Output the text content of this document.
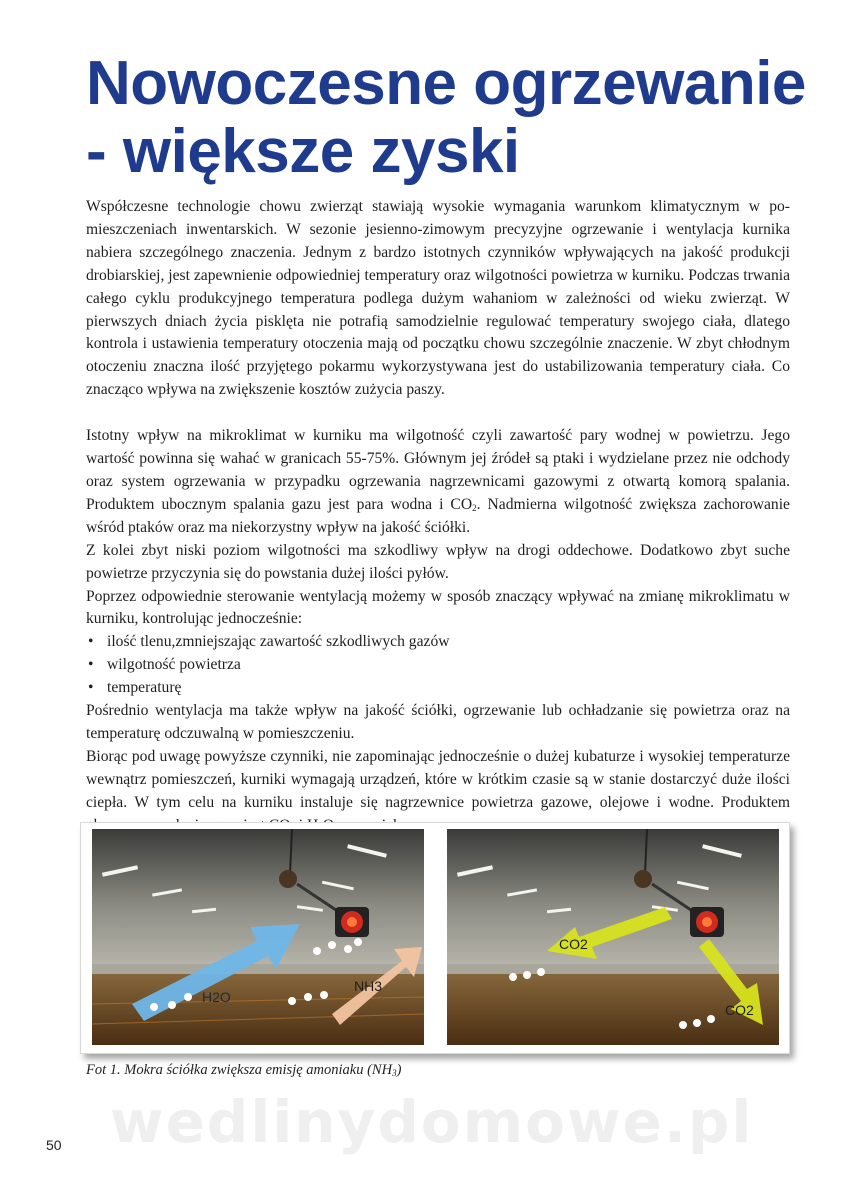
Nowoczesne ogrzewanie
- większe zyski

Współczesne technologie chowu zwierząt stawiają wysokie wymagania warunkom klimatycznym w pomieszczeniach inwentarskich. W sezonie jesienno-zimowym precyzyjne ogrzewanie i wentylacja kurnika nabiera szczególnego znaczenia. Jednym z bardzo istotnych czynników wpływających na jakość produkcji drobiarskiej, jest zapewnienie odpowiedniej temperatury oraz wilgotności powietrza w kurniku. Podczas trwania całego cyklu produkcyjnego temperatura podlega dużym wahaniom w zależności od wieku zwierząt. W pierwszych dniach życia pisklęta nie potrafią samodzielnie regulować temperatury swojego ciała, dlatego kontrola i ustawienia temperatury otoczenia mają od początku chowu szczególnie znaczenie. W zbyt chłodnym otoczeniu znaczna ilość przyjętego pokarmu wykorzystywana jest do ustabilizowania temperatury ciała. Co znacząco wpływa na zwiększenie kosztów zużycia paszy.

Istotny wpływ na mikroklimat w kurniku ma wilgotność czyli zawartość pary wodnej w powietrzu. Jego wartość powinna się wahać w granicach 55-75%. Głównym jej źródeł są ptaki i wydzielane przez nie odchody oraz system ogrzewania w przypadku ogrzewania nagrzewnicami gazowymi z otwartą komorą spalania. Produktem ubocznym spalania gazu jest para wodna i $CO_2$. Nadmierna wilgotność zwiększa zachorowanie wśród ptaków oraz ma niekorzystny wpływ na jakość ściółki.

Z kolei zbyt niski poziom wilgotności ma szkodliwy wpływ na drogi oddechowe. Dodatkowo zbyt suche powietrze przyczynia się do powstania dużej ilości pyłów.

Poprzez odpowiednie sterowanie wentylacją możemy w sposób znaczący wpływać na zmianę mikroklimatu w kurniku, kontrolując jednocześnie:

• ilość tlenu,zmniejszając zawartość szkodliwych gazów
• wilgotność powietrza
• temperaturę

Pośrednio wentylacja ma także wpływ na jakość ściółki, ogrzewanie lub ochładzanie się powietrza oraz na temperaturę odczuwalną w pomieszczeniu.

Biorąc pod uwagę powyższe czynniki, nie zapominając jednocześnie o dużej kubaturze i wysokiej temperaturze wewnątrz pomieszczeń, kurniki wymagają urządzeń, które w krótkim czasie są w stanie dostarczyć duże ilości ciepła. W tym celu na kurniku instaluje się nagrzewnice powietrza gazowe, olejowe i wodne. Produktem

H2O
NH3
CO2
CO2
Fot 1. Mokra ściółka zwiększa emisję amoniaku $(NH_3)$
wedlinydomowe.pl
50
